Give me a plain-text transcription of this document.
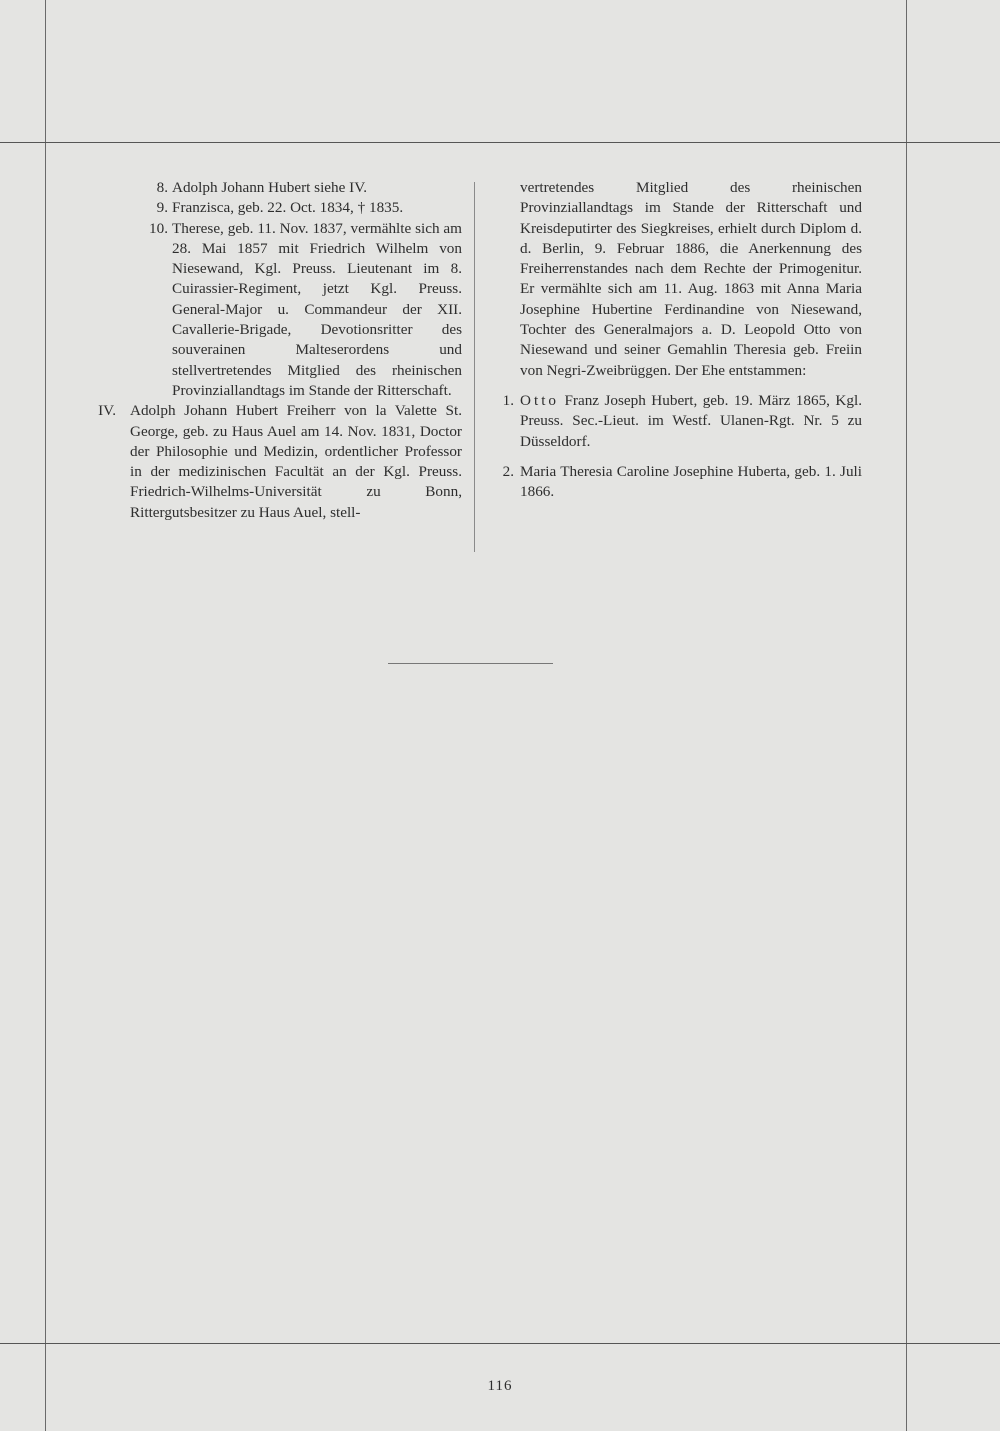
8. Adolph Johann Hubert siehe IV.
9. Franzisca, geb. 22. Oct. 1834, † 1835.
10. Therese, geb. 11. Nov. 1837, vermählte sich am 28. Mai 1857 mit Friedrich Wilhelm von Niesewand, Kgl. Preuss. Lieutenant im 8. Cuirassier-Regiment, jetzt Kgl. Preuss. General-Major u. Commandeur der XII. Cavallerie-Brigade, Devotionsritter des souverainen Malteserordens und stellvertretendes Mitglied des rheinischen Provinziallandtags im Stande der Ritterschaft.
IV. Adolph Johann Hubert Freiherr von la Valette St. George, geb. zu Haus Auel am 14. Nov. 1831, Doctor der Philosophie und Medizin, ordentlicher Professor in der medizinischen Facultät an der Kgl. Preuss. Friedrich-Wilhelms-Universität zu Bonn, Rittergutsbesitzer zu Haus Auel, stell-
vertretendes Mitglied des rheinischen Provinziallandtags im Stande der Ritterschaft und Kreisdeputirter des Siegkreises, erhielt durch Diplom d. d. Berlin, 9. Februar 1886, die Anerkennung des Freiherrenstandes nach dem Rechte der Primogenitur. Er vermählte sich am 11. Aug. 1863 mit Anna Maria Josephine Hubertine Ferdinandine von Niesewand, Tochter des Generalmajors a. D. Leopold Otto von Niesewand und seiner Gemahlin Theresia geb. Freiin von Negri-Zweibrüggen. Der Ehe entstammen:
1. Otto Franz Joseph Hubert, geb. 19. März 1865, Kgl. Preuss. Sec.-Lieut. im Westf. Ulanen-Rgt. Nr. 5 zu Düsseldorf.
2. Maria Theresia Caroline Josephine Huberta, geb. 1. Juli 1866.
116
